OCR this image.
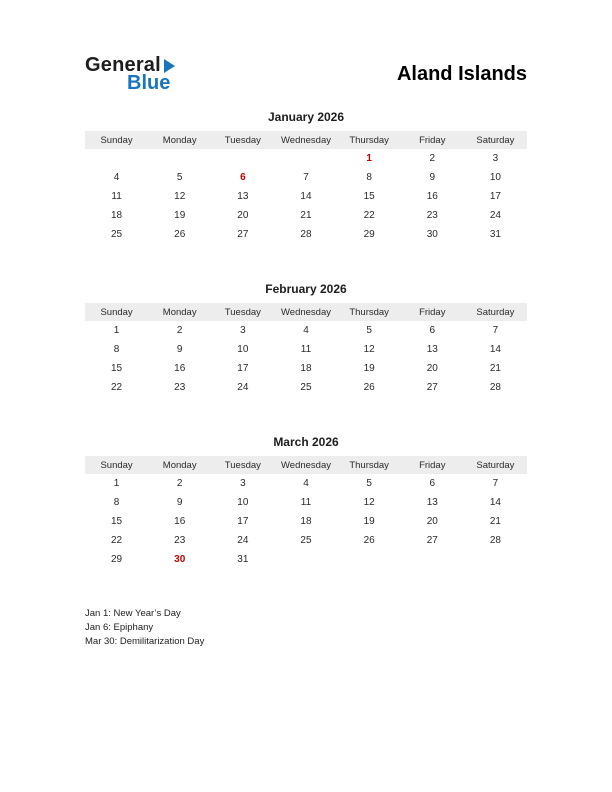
General
Blue	Aland Islands
January 2026
Sunday	Monday	Tuesday	Wednesday	Thursday	Friday	Saturday
				1	2	3
4	5	6	7	8	9	10
11	12	13	14	15	16	17
18	19	20	21	22	23	24
25	26	27	28	29	30	31
February 2026
Sunday	Monday	Tuesday	Wednesday	Thursday	Friday	Saturday
1	2	3	4	5	6	7
8	9	10	11	12	13	14
15	16	17	18	19	20	21
22	23	24	25	26	27	28
March 2026
Sunday	Monday	Tuesday	Wednesday	Thursday	Friday	Saturday
1	2	3	4	5	6	7
8	9	10	11	12	13	14
15	16	17	18	19	20	21
22	23	24	25	26	27	28
29	30	31				
Jan 1: New Year’s Day
Jan 6: Epiphany
Mar 30: Demilitarization Day
